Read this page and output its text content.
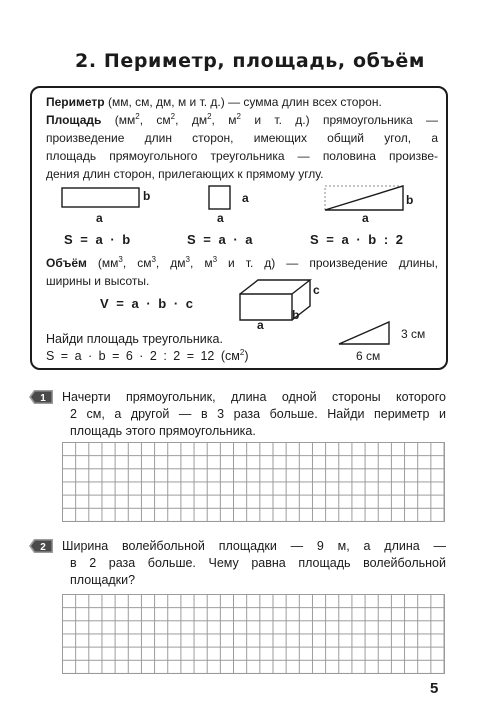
2. Периметр, площадь, объём
Периметр (мм, см, дм, м и т. д.) — сумма длин всех сторон.
Площадь ($мм^2$, $см^2$, $дм^2$, $м^2$ и т. д.) прямоугольника —
произведение длин сторон, имеющих общий угол, а
площадь прямоугольного треугольника — половина произве-
дения длин сторон, прилегающих к прямому углу.
b
a
a
a
b
a
S = a · b	S = a · a	S = a · b : 2
Объём ($мм^3$, $см^3$, $дм^3$, $м^3$ и т. д) — произведение длины,
ширины и высоты.
V = a · b · c
c
b
a
Найди площадь треугольника.
S = a · b = 6 · 2 : 2 = 12 $(см^2)$
3 см
6 см
1 Начерти прямоугольник, длина одной стороны которого
2 см, а другой — в 3 раза больше. Найди периметр и
площадь этого прямоугольника.
2 Ширина волейбольной площадки — 9 м, а длина —
в 2 раза больше. Чему равна площадь волейбольной
площадки?
5
